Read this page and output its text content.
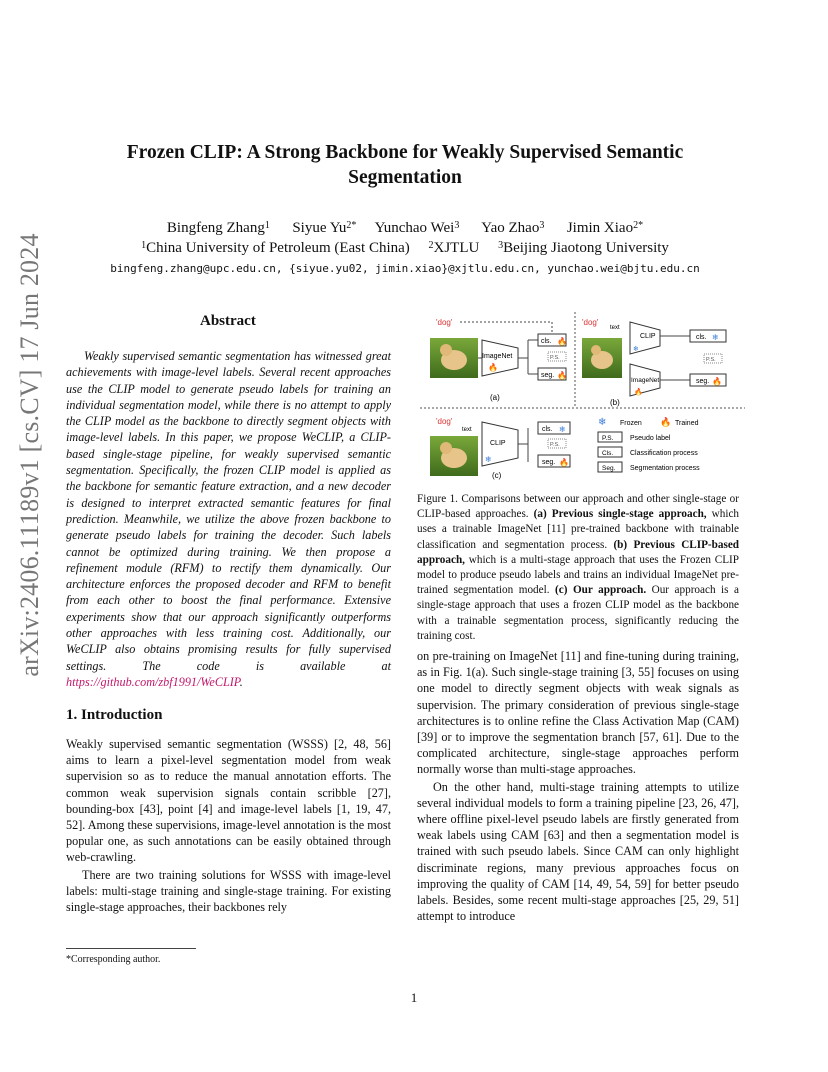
arXiv:2406.11189v1 [cs.CV] 17 Jun 2024
Frozen CLIP: A Strong Backbone for Weakly Supervised Semantic Segmentation
Bingfeng Zhang$^1$ Siyue $Yu^{2*}$ Yunchao Wei$^3$ Yao Zhao$^3$ Jimin Xiao$^{2*}$
$^1$China University of Petroleum (East China) $^2$XJTLU $^3$Beijing Jiaotong University
bingfeng.zhang@upc.edu.cn, {siyue.yu02, jimin.xiao}@xjtlu.edu.cn, yunchao.wei@bjtu.edu.cn
Abstract
Weakly supervised semantic segmentation has witnessed great achievements with image-level labels. Several recent approaches use the CLIP model to generate pseudo labels for training an individual segmentation model, while there is no attempt to apply the CLIP model as the backbone to directly segment objects with image-level labels. In this paper, we propose WeCLIP, a CLIP-based single-stage pipeline, for weakly supervised semantic segmentation. Specifically, the frozen CLIP model is applied as the backbone for semantic feature extraction, and a new decoder is designed to interpret extracted semantic features for final prediction. Meanwhile, we utilize the above frozen backbone to generate pseudo labels for training the decoder. Such labels cannot be optimized during training. We then propose a refinement module (RFM) to rectify them dynamically. Our architecture enforces the proposed decoder and RFM to benefit from each other to boost the final performance. Extensive experiments show that our approach significantly outperforms other approaches with less training cost. Additionally, our WeCLIP also obtains promising results for fully supervised settings. The code is available at https://github.com/zbf1991/WeCLIP.
1. Introduction

Weakly supervised semantic segmentation (WSSS) [2, 48, 56] aims to learn a pixel-level segmentation model from weak supervision so as to reduce the manual annotation efforts. The common weak supervision signals contain scribble [27], bounding-box [43], point [4] and image-level labels [1, 19, 47, 52]. Among these supervisions, image-level annotation is the most popular one, as such annotations can be easily obtained through web-crawling.

There are two training solutions for WSSS with image-level labels: multi-stage training and single-stage training. For existing single-stage approaches, their backbones rely

'dog'
ImageNet
🔥
cls. 🔥
P.S.
seg. 🔥
(a)
'dog'
text
CLIP
❄
cls. ❄
P.S.
ImageNet
🔥
seg. 🔥
(b)
'dog'
text
CLIP
❄
cls. ❄
P.S.
seg. 🔥
(c)
❄ Frozen 🔥 Trained
P.S. Pseudo label
Cls. Classification process
Seg. Segmentation process
Figure 1. Comparisons between our approach and other single-stage or CLIP-based approaches. (a) Previous single-stage approach, which uses a trainable ImageNet [11] pre-trained backbone with trainable classification and segmentation process. (b) Previous CLIP-based approach, which is a multi-stage approach that uses the Frozen CLIP model to produce pseudo labels and trains an individual ImageNet pre-trained segmentation model. (c) Our approach. Our approach is a single-stage approach that uses a frozen CLIP model as the backbone with a trainable segmentation process, significantly reducing the training cost.

on pre-training on ImageNet [11] and fine-tuning during training, as in Fig. 1(a). Such single-stage training [3, 55] focuses on using one model to directly segment objects with weak signals as supervision. The primary consideration of previous single-stage architectures is to online refine the Class Activation Map (CAM) [39] or to improve the segmentation branch [57, 61]. Due to the complicated architecture, single-stage approaches perform normally worse than multi-stage approaches.

On the other hand, multi-stage training attempts to utilize several individual models to form a training pipeline [23, 26, 47], where offline pixel-level pseudo labels are firstly generated from weak labels using CAM [63] and then a segmentation model is trained with such pseudo labels. Since CAM can only highlight discriminate regions, many previous approaches focus on improving the quality of CAM [14, 49, 54, 59] for better pseudo labels. Besides, some recent multi-stage approaches [25, 29, 51] attempt to introduce

*Corresponding author.
1
